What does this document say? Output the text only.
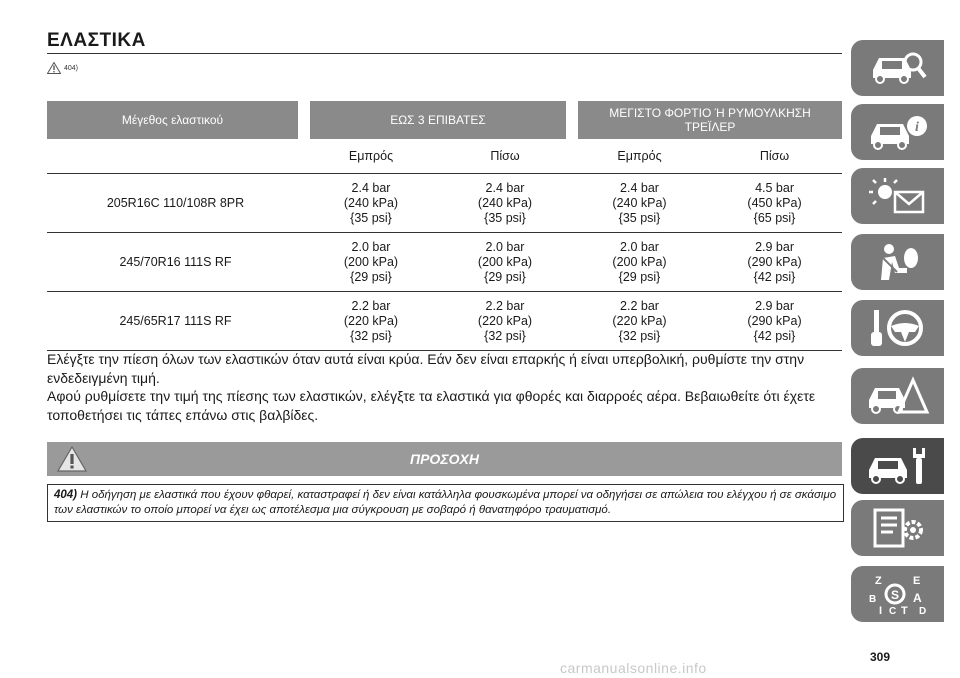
ΕΛΑΣΤΙΚΑ
404)
Μέγεθος ελαστικού	ΕΩΣ 3 ΕΠΙΒΑΤΕΣ		ΜΕΓΙΣΤΟ ΦΟΡΤΙΟ Ή ΡΥΜΟΥΛΚΗΣΗ ΤΡΕΪΛΕΡ	
	Εμπρός	Πίσω	Εμπρός	Πίσω
205R16C 110/108R 8PR	2.4 bar
(240 kPa)
{35 psi}	2.4 bar
(240 kPa)
{35 psi}	2.4 bar
(240 kPa)
{35 psi}	4.5 bar
(450 kPa)
{65 psi}

245/70R16 111S RF	2.0 bar
(200 kPa)
{29 psi}	2.0 bar
(200 kPa)
{29 psi}	2.0 bar
(200 kPa)
{29 psi}	2.9 bar
(290 kPa)
{42 psi}

245/65R17 111S RF	2.2 bar
(220 kPa)
{32 psi}	2.2 bar
(220 kPa)
{32 psi}	2.2 bar
(220 kPa)
{32 psi}	2.9 bar
(290 kPa)
{42 psi}

Ελέγξτε την πίεση όλων των ελαστικών όταν αυτά είναι κρύα. Εάν δεν είναι επαρκής ή είναι υπερβολική, ρυθμίστε την στην ενδεδειγμένη τιμή.

Αφού ρυθμίσετε την τιμή της πίεσης των ελαστικών, ελέγξτε τα ελαστικά για φθορές και διαρροές αέρα. Βεβαιωθείτε ότι έχετε τοποθετήσει τις τάπες επάνω στις βαλβίδες.

ΠΡΟΣΟΧΗ
404) Η οδήγηση με ελαστικά που έχουν φθαρεί, καταστραφεί ή δεν είναι κατάλληλα φουσκωμένα μπορεί να οδηγήσει σε απώλεια του ελέγχου ή σε σκάσιμο των ελαστικών το οποίο μπορεί να έχει ως αποτέλεσμα μια σύγκρουση με σοβαρό ή θανατηφόρο τραυματισμό.
i
Z	E
B	A
I C T D
S
309
carmanualsonline.info
